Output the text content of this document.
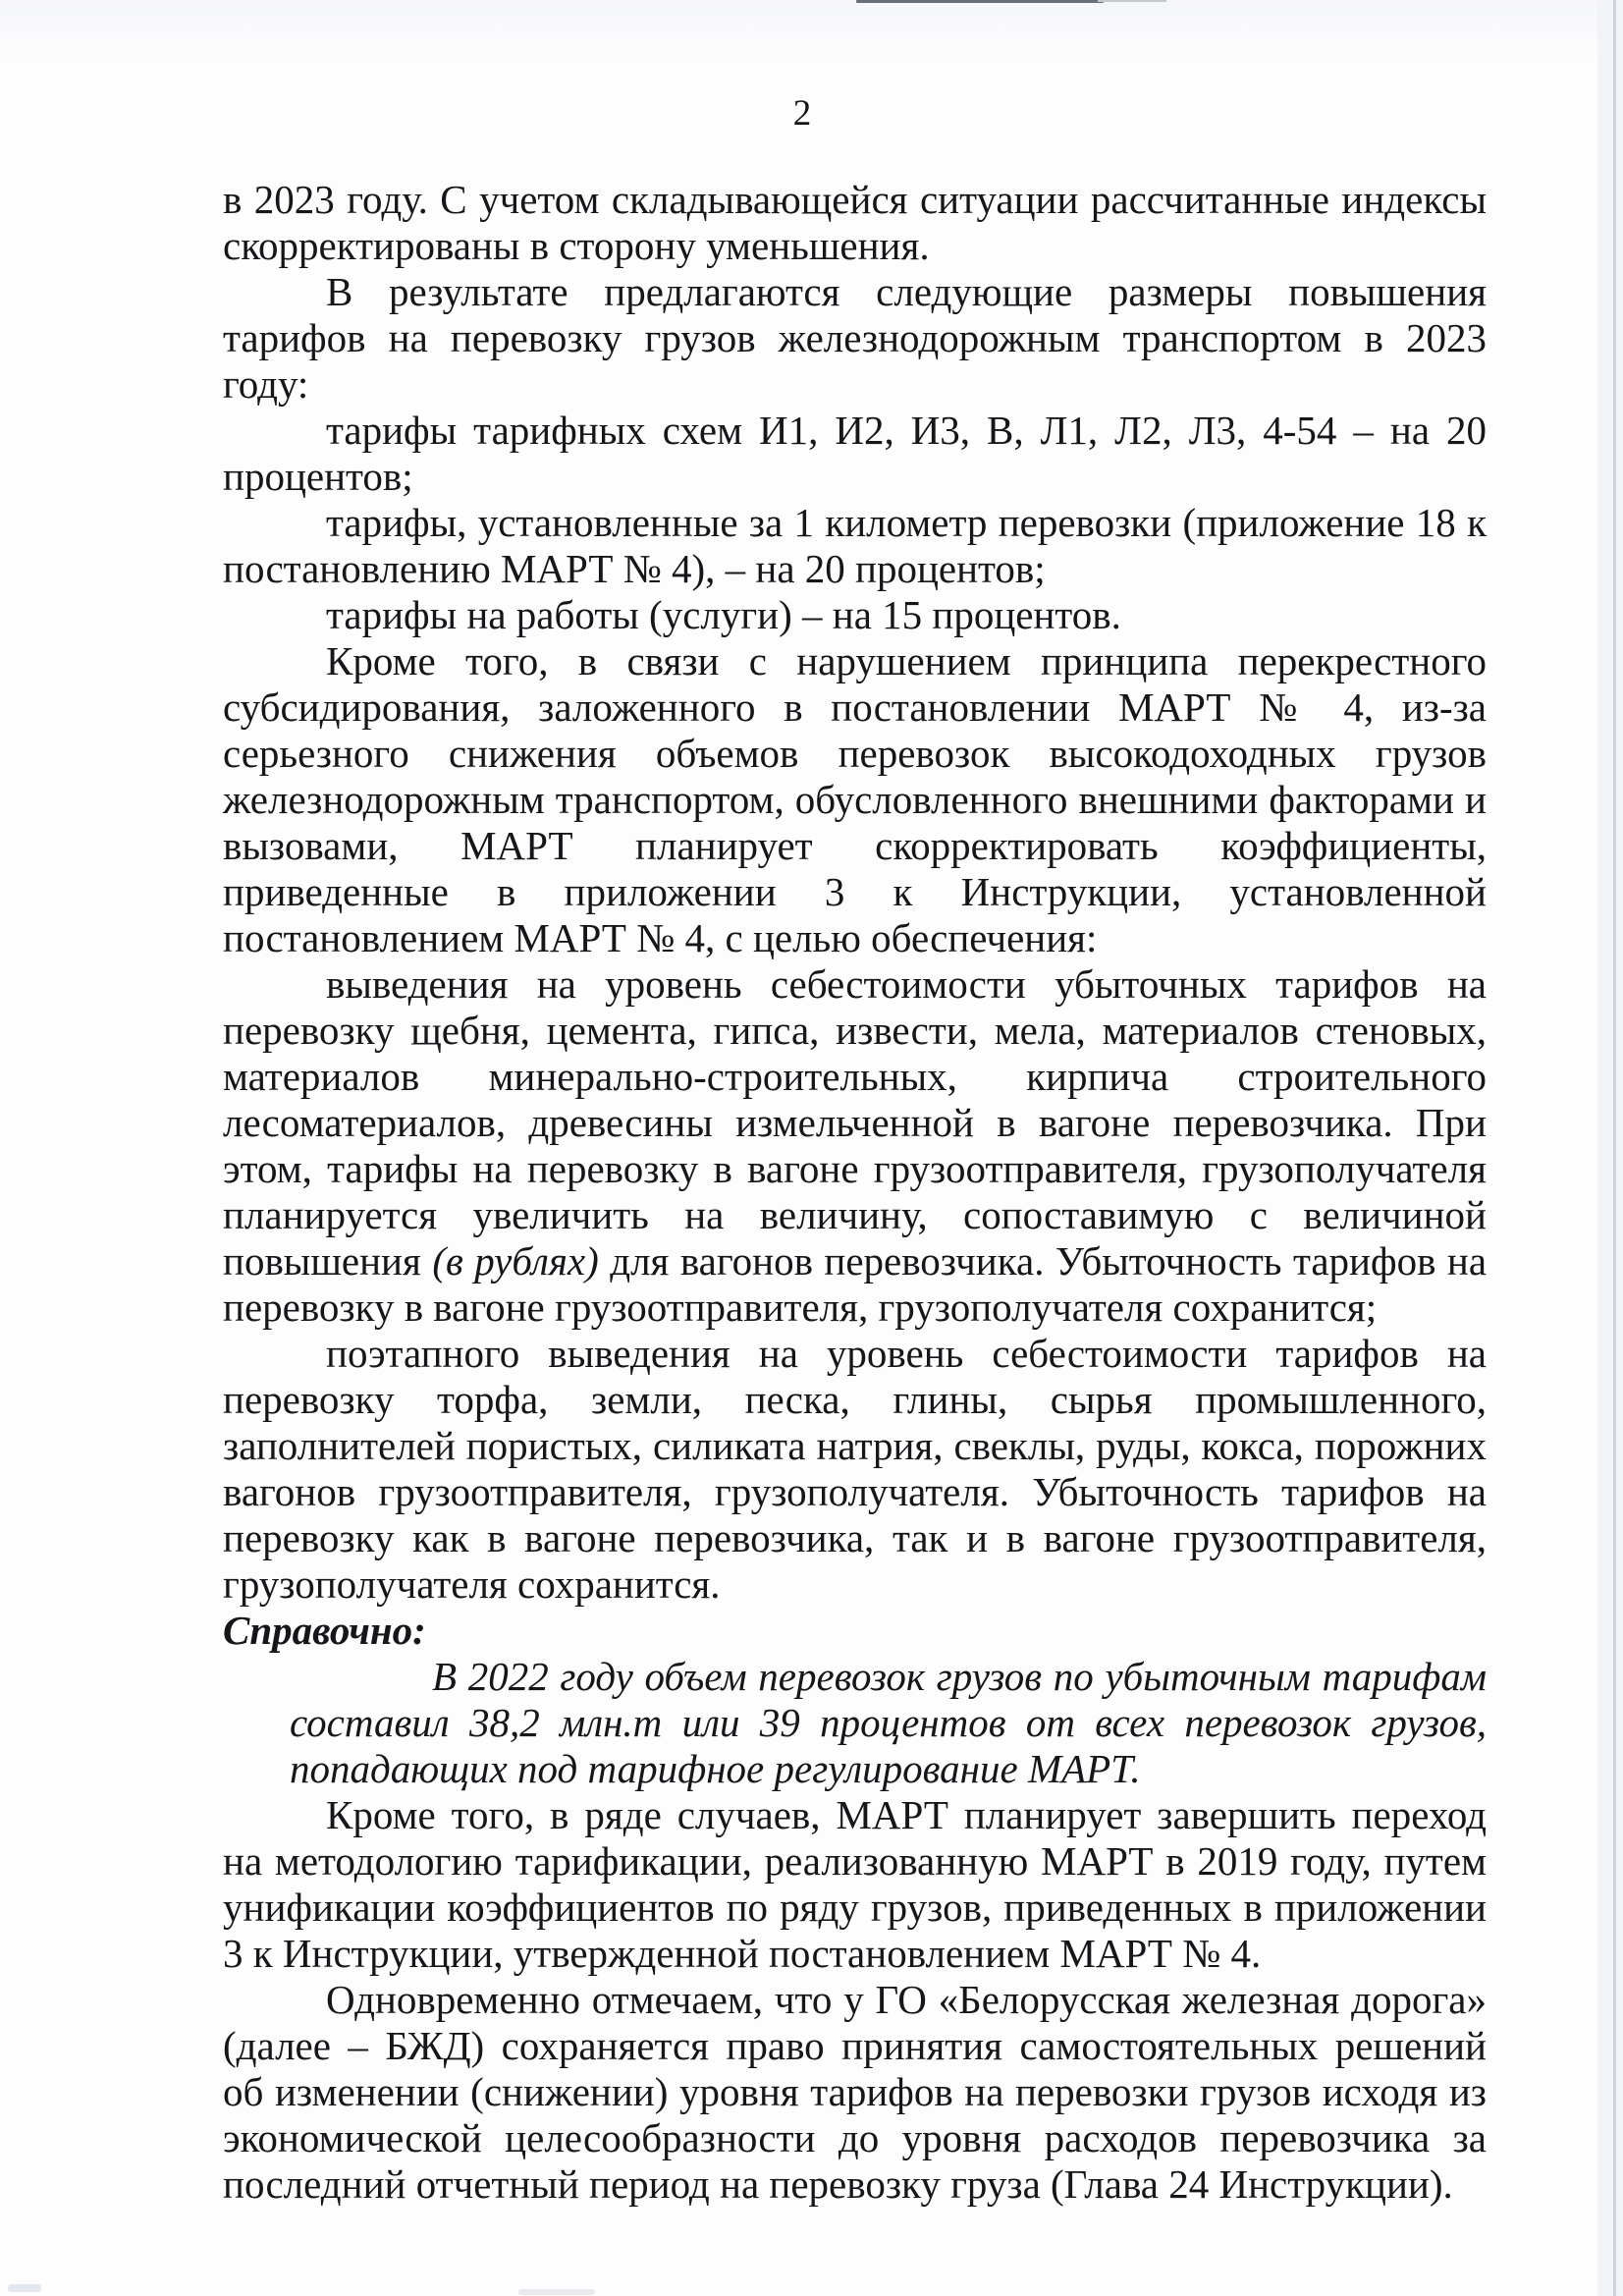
2

в 2023 году. С учетом складывающейся ситуации рассчитанные индексы скорректированы в сторону уменьшения.

В результате предлагаются следующие размеры повышения тарифов на перевозку грузов железнодорожным транспортом в 2023 году:

тарифы тарифных схем И1, И2, И3, В, Л1, Л2, Л3, 4-54 – на 20 процентов;

тарифы, установленные за 1 километр перевозки (приложение 18 к постановлению МАРТ № 4), – на 20 процентов;

тарифы на работы (услуги) – на 15 процентов.

Кроме того, в связи с нарушением принципа перекрестного субсидирования, заложенного в постановлении МАРТ № 4, из-за серьезного снижения объемов перевозок высокодоходных грузов железнодорожным транспортом, обусловленного внешними факторами и вызовами, МАРТ планирует скорректировать коэффициенты, приведенные в приложении 3 к Инструкции, установленной постановлением МАРТ № 4, с целью обеспечения:

выведения на уровень себестоимости убыточных тарифов на перевозку щебня, цемента, гипса, извести, мела, материалов стеновых, материалов минерально-строительных, кирпича строительного лесоматериалов, древесины измельченной в вагоне перевозчика. При этом, тарифы на перевозку в вагоне грузоотправителя, грузополучателя планируется увеличить на величину, сопоставимую с величиной повышения (в рублях) для вагонов перевозчика. Убыточность тарифов на перевозку в вагоне грузоотправителя, грузополучателя сохранится;

поэтапного выведения на уровень себестоимости тарифов на перевозку торфа, земли, песка, глины, сырья промышленного, заполнителей пористых, силиката натрия, свеклы, руды, кокса, порожних вагонов грузоотправителя, грузополучателя. Убыточность тарифов на перевозку как в вагоне перевозчика, так и в вагоне грузоотправителя, грузополучателя сохранится.

Справочно:

В 2022 году объем перевозок грузов по убыточным тарифам составил 38,2 млн.т или 39 процентов от всех перевозок грузов, попадающих под тарифное регулирование МАРТ.

Кроме того, в ряде случаев, МАРТ планирует завершить переход на методологию тарификации, реализованную МАРТ в 2019 году, путем унификации коэффициентов по ряду грузов, приведенных в приложении 3 к Инструкции, утвержденной постановлением МАРТ № 4.

Одновременно отмечаем, что у ГО «Белорусская железная дорога» (далее – БЖД) сохраняется право принятия самостоятельных решений об изменении (снижении) уровня тарифов на перевозки грузов исходя из экономической целесообразности до уровня расходов перевозчика за последний отчетный период на перевозку груза (Глава 24 Инструкции).
